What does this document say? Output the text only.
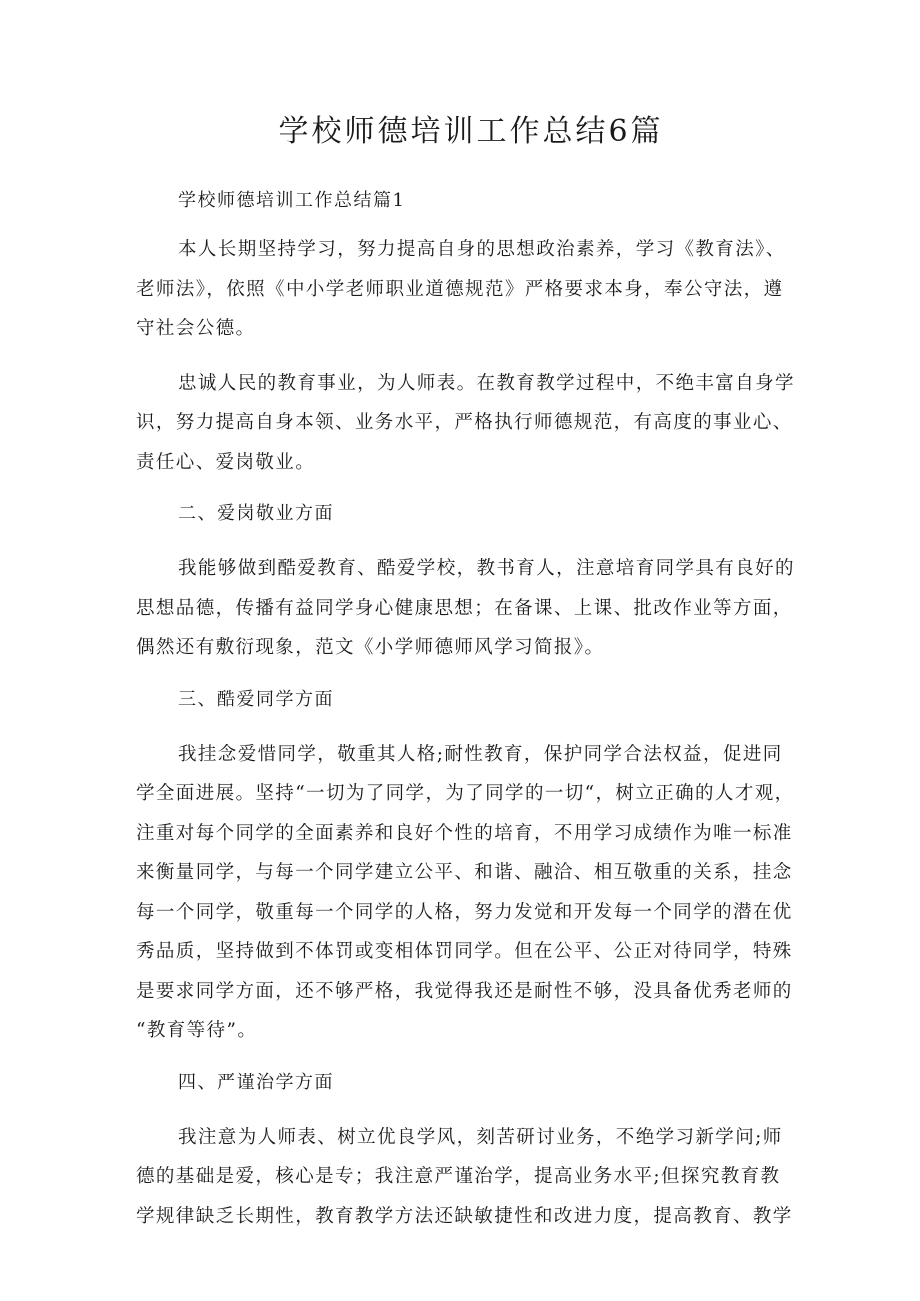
学校师德培训工作总结6篇
学校师德培训工作总结篇1
本人长期坚持学习，努力提高自身的思想政治素养，学习《教育法》、
老师法》，依照《中小学老师职业道德规范》严格要求本身，奉公守法，遵
守社会公德。
忠诚人民的教育事业，为人师表。在教育教学过程中，不绝丰富自身学
识，努力提高自身本领、业务水平，严格执行师德规范，有高度的事业心、
责任心、爱岗敬业。
二、爱岗敬业方面
我能够做到酷爱教育、酷爱学校，教书育人，注意培育同学具有良好的
思想品德，传播有益同学身心健康思想；在备课、上课、批改作业等方面，
偶然还有敷衍现象，范文《小学师德师风学习简报》。
三、酷爱同学方面
我挂念爱惜同学，敬重其人格;耐性教育，保护同学合法权益，促进同
学全面进展。坚持“一切为了同学，为了同学的一切“，树立正确的人才观，
注重对每个同学的全面素养和良好个性的培育，不用学习成绩作为唯一标准
来衡量同学，与每一个同学建立公平、和谐、融洽、相互敬重的关系，挂念
每一个同学，敬重每一个同学的人格，努力发觉和开发每一个同学的潜在优
秀品质，坚持做到不体罚或变相体罚同学。但在公平、公正对待同学，特殊
是要求同学方面，还不够严格，我觉得我还是耐性不够，没具备优秀老师的
“教育等待”。
四、严谨治学方面
我注意为人师表、树立优良学风，刻苦研讨业务，不绝学习新学问;师
德的基础是爱，核心是专；我注意严谨治学，提高业务水平;但探究教育教
学规律缺乏长期性，教育教学方法还缺敏捷性和改进力度，提高教育、教学
